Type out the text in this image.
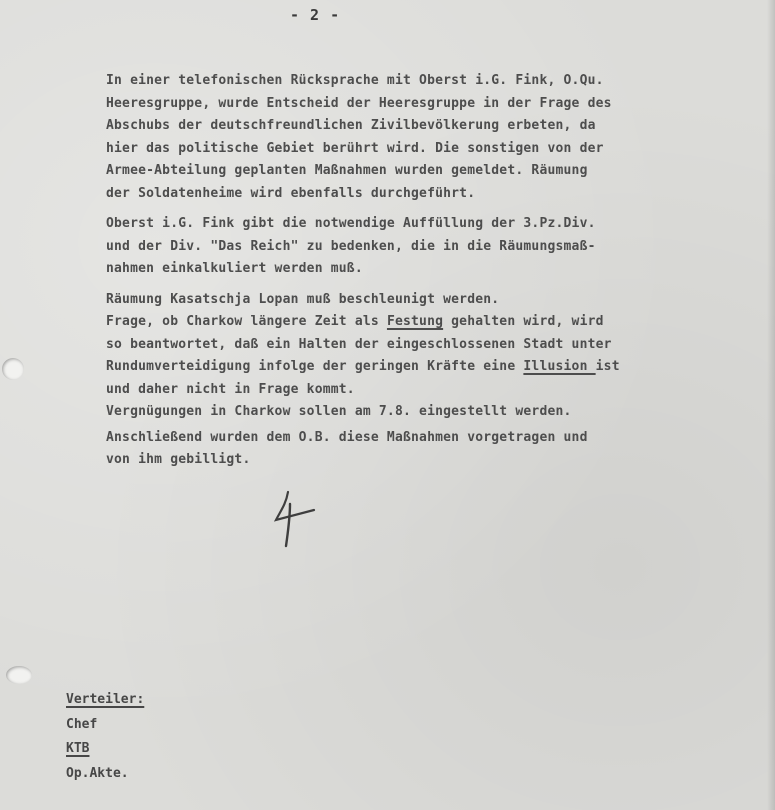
- 2 -
In einer telefonischen Rücksprache mit Oberst i.G. Fink, O.Qu.
Heeresgruppe, wurde Entscheid der Heeresgruppe in der Frage des
Abschubs der deutschfreundlichen Zivilbevölkerung erbeten, da
hier das politische Gebiet berührt wird. Die sonstigen von der
Armee-Abteilung geplanten Maßnahmen wurden gemeldet. Räumung
der Soldatenheime wird ebenfalls durchgeführt.
Oberst i.G. Fink gibt die notwendige Auffüllung der 3.Pz.Div.
und der Div. "Das Reich" zu bedenken, die in die Räumungsmaß-
nahmen einkalkuliert werden muß.
Räumung Kasatschja Lopan muß beschleunigt werden.
Frage, ob Charkow längere Zeit als Festung gehalten wird, wird
so beantwortet, daß ein Halten der eingeschlossenen Stadt unter
Rundumverteidigung infolge der geringen Kräfte eine Illusion ist
und daher nicht in Frage kommt.
Vergnügungen in Charkow sollen am 7.8. eingestellt werden.
Anschließend wurden dem O.B. diese Maßnahmen vorgetragen und
von ihm gebilligt.
Verteiler:
Chef
KTB
Op.Akte.
